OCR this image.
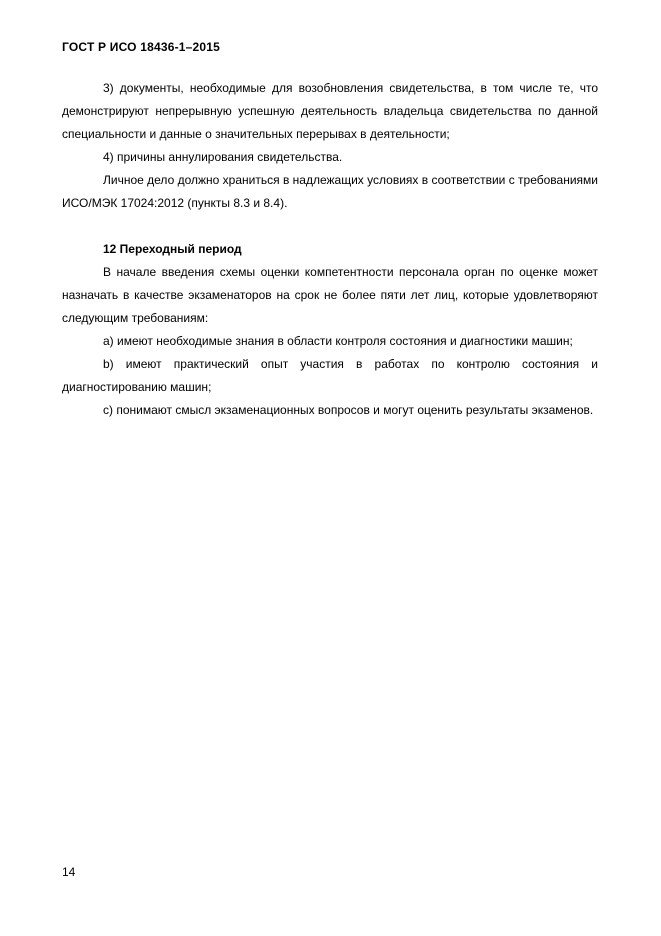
ГОСТ Р ИСО 18436-1–2015

3) документы, необходимые для возобновления свидетельства, в том числе те, что демонстрируют непрерывную успешную деятельность владельца свидетельства по данной специальности и данные о значительных перерывах в деятельности;

4) причины аннулирования свидетельства.

Личное дело должно храниться в надлежащих условиях в соответствии с требованиями ИСО/МЭК 17024:2012 (пункты 8.3 и 8.4).

12 Переходный период

В начале введения схемы оценки компетентности персонала орган по оценке может назначать в качестве экзаменаторов на срок не более пяти лет лиц, которые удовлетворяют следующим требованиям:

a) имеют необходимые знания в области контроля состояния и диагностики машин;

b) имеют практический опыт участия в работах по контролю состояния и диагностированию машин;

c) понимают смысл экзаменационных вопросов и могут оценить результаты экзаменов.

14
